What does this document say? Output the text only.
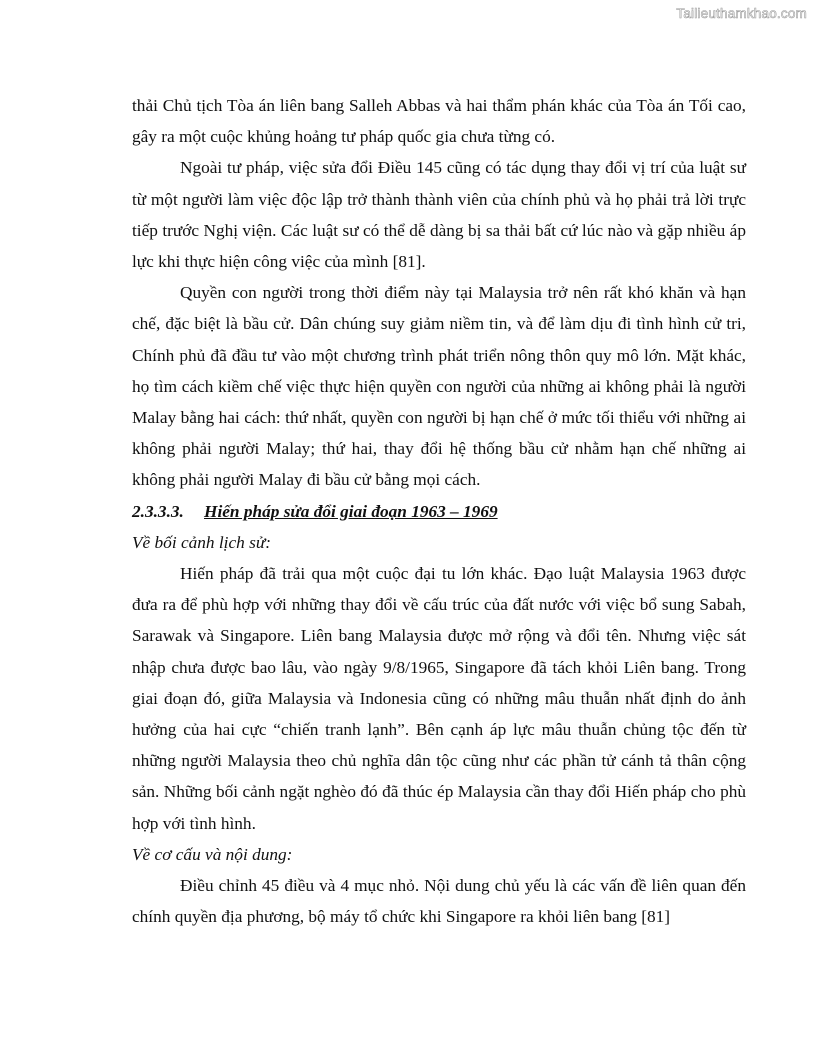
Tailieuthamkhao.com

thải Chủ tịch Tòa án liên bang Salleh Abbas và hai thẩm phán khác của Tòa án Tối cao, gây ra một cuộc khủng hoảng tư pháp quốc gia chưa từng có.

Ngoài tư pháp, việc sửa đổi Điều 145 cũng có tác dụng thay đổi vị trí của luật sư từ một người làm việc độc lập trở thành thành viên của chính phủ và họ phải trả lời trực tiếp trước Nghị viện. Các luật sư có thể dễ dàng bị sa thải bất cứ lúc nào và gặp nhiều áp lực khi thực hiện công việc của mình [81].

Quyền con người trong thời điểm này tại Malaysia trở nên rất khó khăn và hạn chế, đặc biệt là bầu cử. Dân chúng suy giảm niềm tin, và để làm dịu đi tình hình cử tri, Chính phủ đã đầu tư vào một chương trình phát triển nông thôn quy mô lớn. Mặt khác, họ tìm cách kiềm chế việc thực hiện quyền con người của những ai không phải là người Malay bằng hai cách: thứ nhất, quyền con người bị hạn chế ở mức tối thiểu với những ai không phải người Malay; thứ hai, thay đổi hệ thống bầu cử nhằm hạn chế những ai không phải người Malay đi bầu cử bằng mọi cách.

2.3.3.3. Hiến pháp sửa đổi giai đoạn 1963 – 1969

Về bối cảnh lịch sử:

Hiến pháp đã trải qua một cuộc đại tu lớn khác. Đạo luật Malaysia 1963 được đưa ra để phù hợp với những thay đổi về cấu trúc của đất nước với việc bổ sung Sabah, Sarawak và Singapore. Liên bang Malaysia được mở rộng và đổi tên. Nhưng việc sát nhập chưa được bao lâu, vào ngày 9/8/1965, Singapore đã tách khỏi Liên bang. Trong giai đoạn đó, giữa Malaysia và Indonesia cũng có những mâu thuẫn nhất định do ảnh hưởng của hai cực “chiến tranh lạnh”. Bên cạnh áp lực mâu thuẫn chủng tộc đến từ những người Malaysia theo chủ nghĩa dân tộc cũng như các phần tử cánh tả thân cộng sản. Những bối cảnh ngặt nghèo đó đã thúc ép Malaysia cần thay đổi Hiến pháp cho phù hợp với tình hình.

Về cơ cấu và nội dung:

Điều chỉnh 45 điều và 4 mục nhỏ. Nội dung chủ yếu là các vấn đề liên quan đến chính quyền địa phương, bộ máy tổ chức khi Singapore ra khỏi liên bang [81]
